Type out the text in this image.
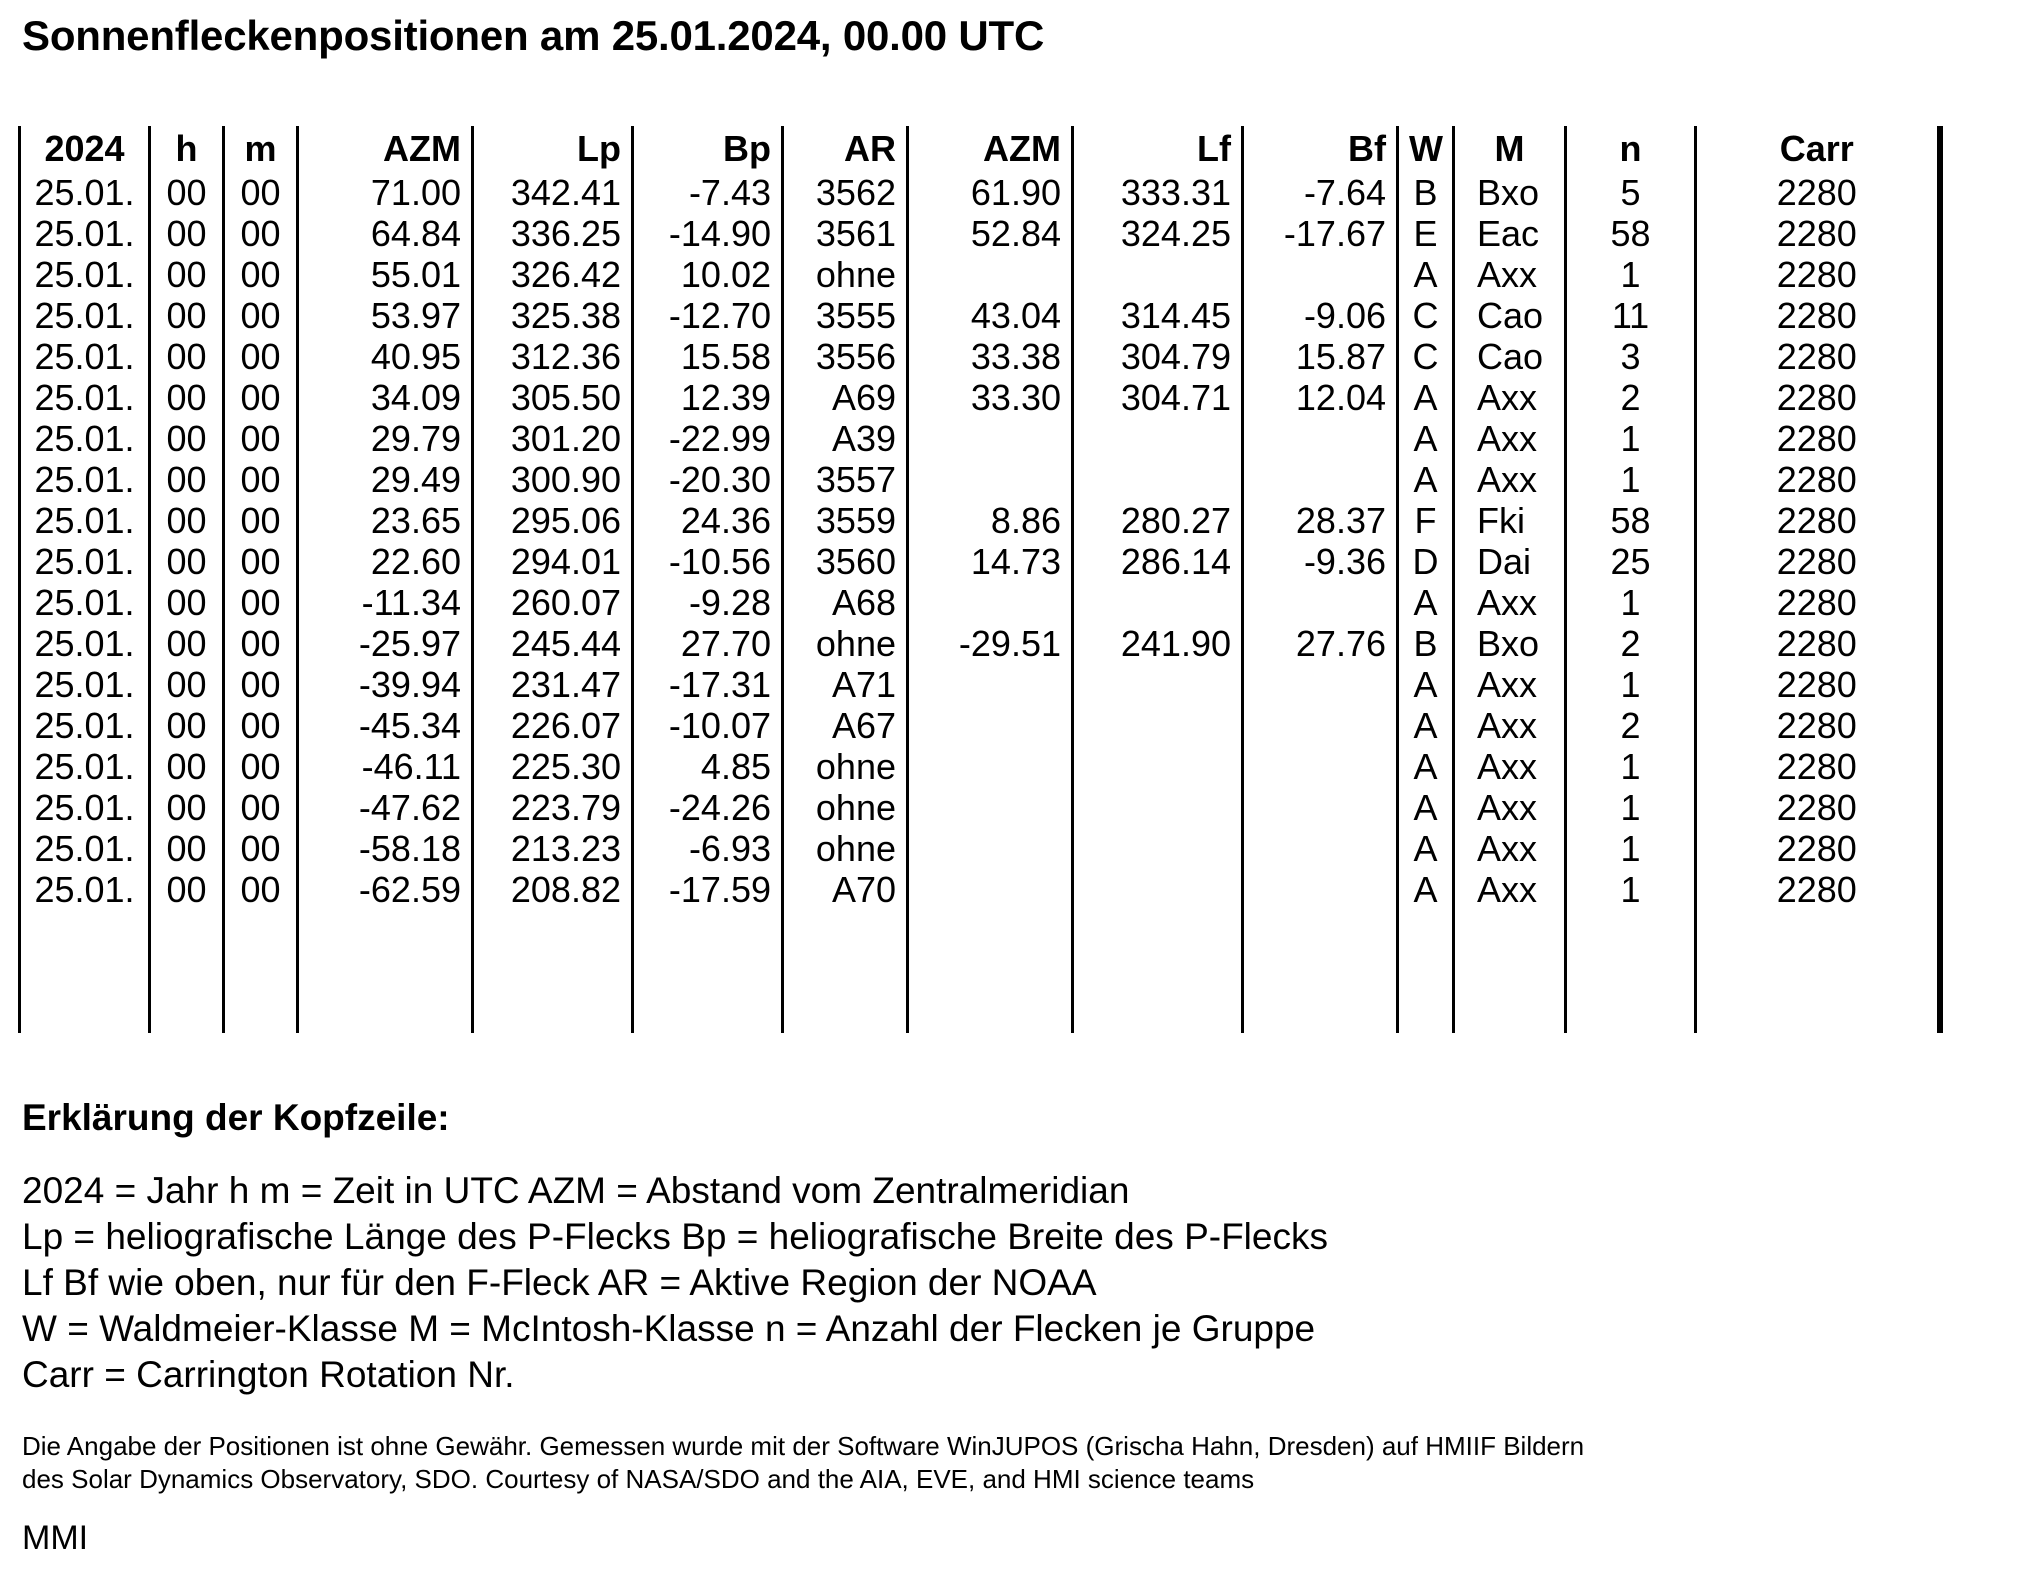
Sonnenfleckenpositionen am 25.01.2024, 00.00 UTC
2024	h	m	AZM	Lp	Bp	AR	AZM	Lf	Bf	W	M	n	Carr
25.01.	00	00	71.00	342.41	-7.43	3562	61.90	333.31	-7.64	B	Bxo	5	2280
25.01.	00	00	64.84	336.25	-14.90	3561	52.84	324.25	-17.67	E	Eac	58	2280
25.01.	00	00	55.01	326.42	10.02	ohne				A	Axx	1	2280
25.01.	00	00	53.97	325.38	-12.70	3555	43.04	314.45	-9.06	C	Cao	11	2280
25.01.	00	00	40.95	312.36	15.58	3556	33.38	304.79	15.87	C	Cao	3	2280
25.01.	00	00	34.09	305.50	12.39	A69	33.30	304.71	12.04	A	Axx	2	2280
25.01.	00	00	29.79	301.20	-22.99	A39				A	Axx	1	2280
25.01.	00	00	29.49	300.90	-20.30	3557				A	Axx	1	2280
25.01.	00	00	23.65	295.06	24.36	3559	8.86	280.27	28.37	F	Fki	58	2280
25.01.	00	00	22.60	294.01	-10.56	3560	14.73	286.14	-9.36	D	Dai	25	2280
25.01.	00	00	-11.34	260.07	-9.28	A68				A	Axx	1	2280
25.01.	00	00	-25.97	245.44	27.70	ohne	-29.51	241.90	27.76	B	Bxo	2	2280
25.01.	00	00	-39.94	231.47	-17.31	A71				A	Axx	1	2280
25.01.	00	00	-45.34	226.07	-10.07	A67				A	Axx	2	2280
25.01.	00	00	-46.11	225.30	4.85	ohne				A	Axx	1	2280
25.01.	00	00	-47.62	223.79	-24.26	ohne				A	Axx	1	2280
25.01.	00	00	-58.18	213.23	-6.93	ohne				A	Axx	1	2280
25.01.	00	00	-62.59	208.82	-17.59	A70				A	Axx	1	2280

Erklärung der Kopfzeile:
2024 = Jahr h m = Zeit in UTC AZM = Abstand vom Zentralmeridian
Lp = heliografische Länge des P-Flecks Bp = heliografische Breite des P-Flecks
Lf Bf wie oben, nur für den F-Fleck AR = Aktive Region der NOAA
W = Waldmeier-Klasse M = McIntosh-Klasse n = Anzahl der Flecken je Gruppe
Carr = Carrington Rotation Nr.
Die Angabe der Positionen ist ohne Gewähr. Gemessen wurde mit der Software WinJUPOS (Grischa Hahn, Dresden) auf HMIIF Bildern
des Solar Dynamics Observatory, SDO. Courtesy of NASA/SDO and the AIA, EVE, and HMI science teams
MMI
